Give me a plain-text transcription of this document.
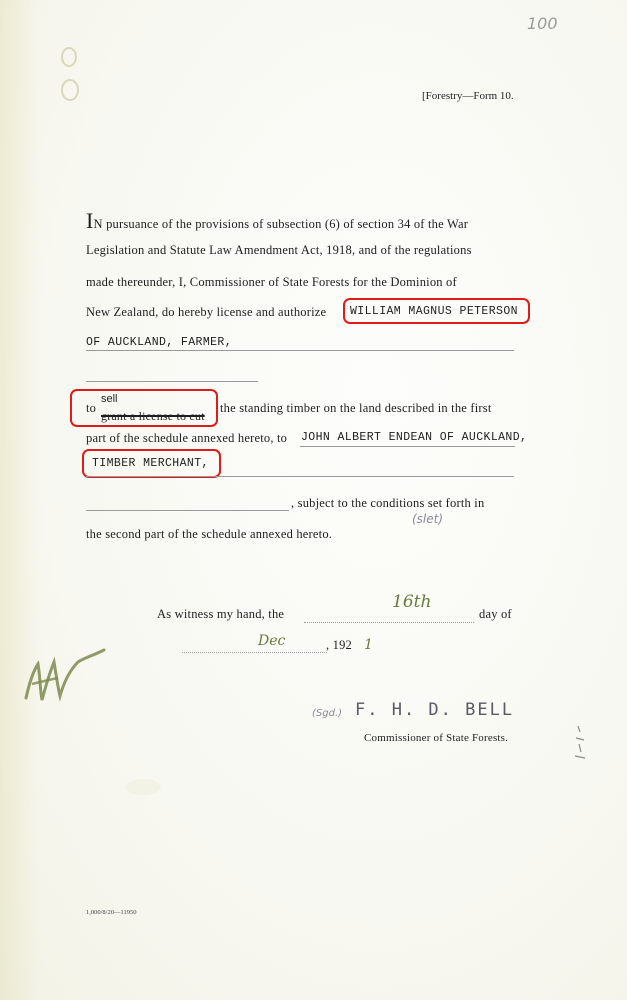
100
[Forestry—Form 10.
IN pursuance of the provisions of subsection (6) of section 34 of the War
Legislation and Statute Law Amendment Act, 1918, and of the regulations
made thereunder, I, Commissioner of State Forests for the Dominion of
New Zealand, do hereby license and authorize WILLIAM MAGNUS PETERSON
OF AUCKLAND, FARMER,
to
sell
grant a license to cut
the standing timber on the land described in the first
part of the schedule annexed hereto, to JOHN ALBERT ENDEAN OF AUCKLAND,
TIMBER MERCHANT,
, subject to the conditions set forth in
(slet)
the second part of the schedule annexed hereto.
As witness my hand, the
16th
day of
Dec	, 192 1
(Sgd.) F. H. D. BELL
Commissioner of State Forests.
1,000/8/20—11950
